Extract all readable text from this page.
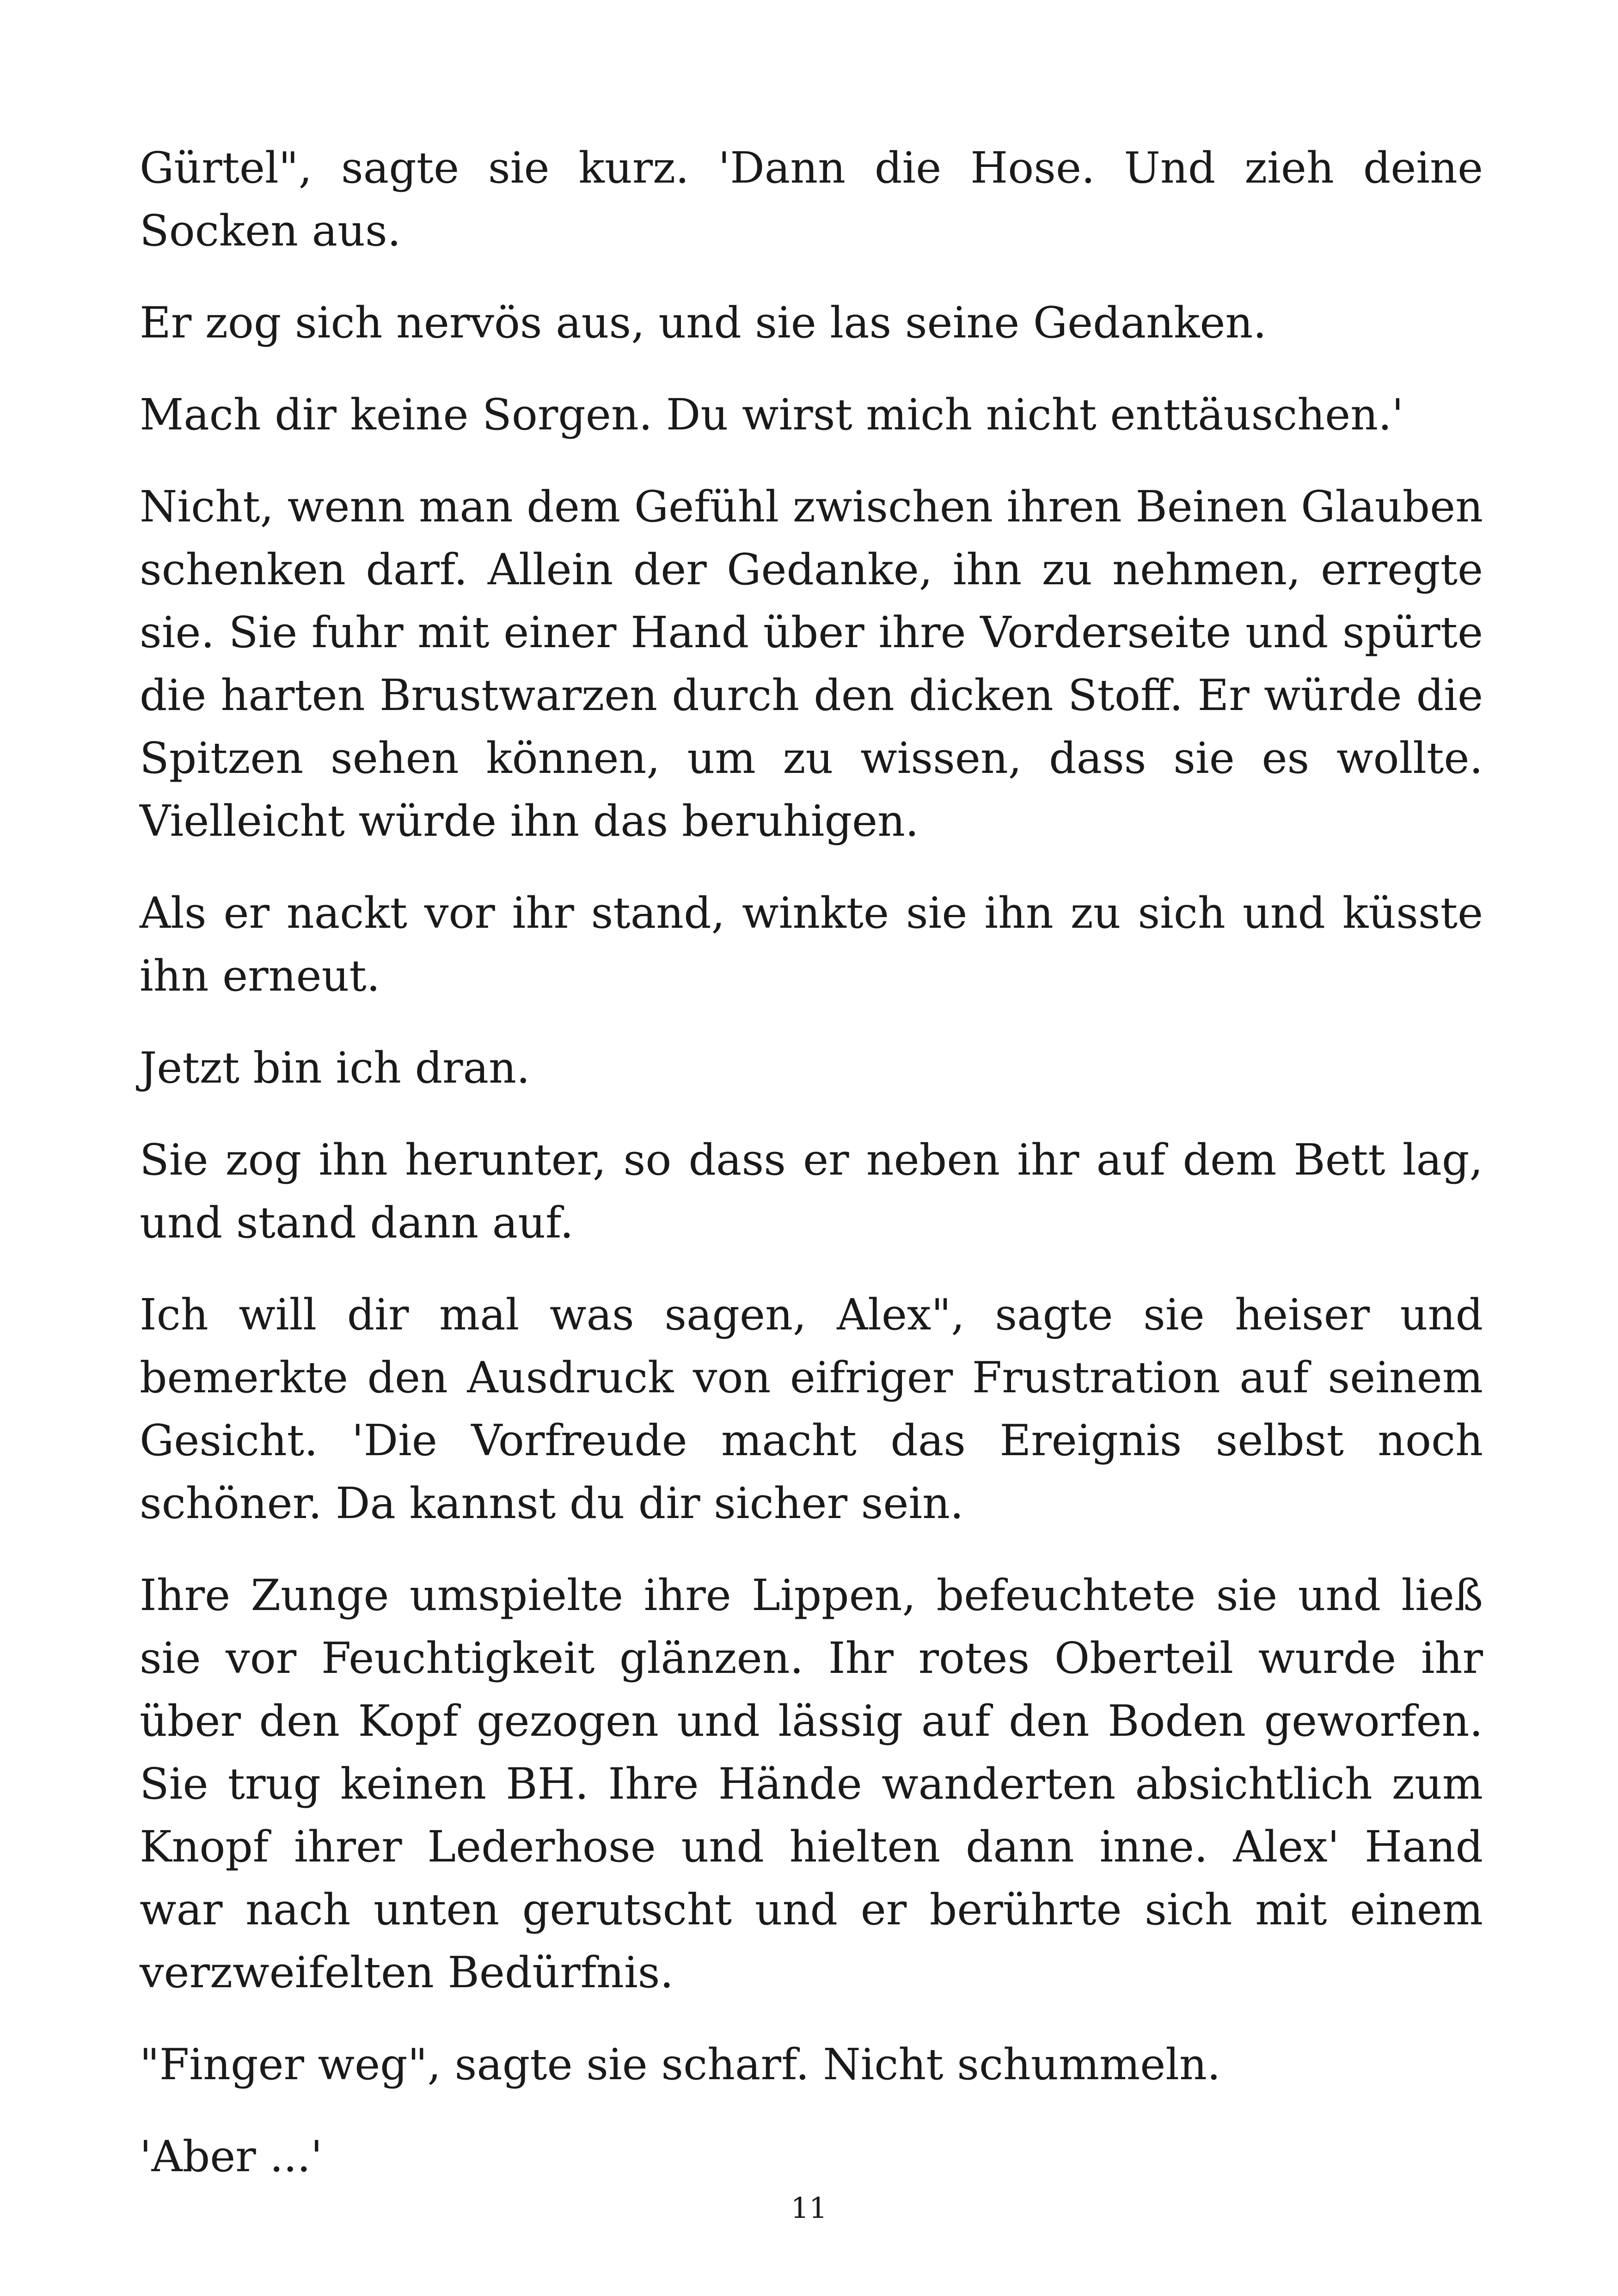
Gürtel", sagte sie kurz. 'Dann die Hose. Und zieh deine Socken aus.

Er zog sich nervös aus, und sie las seine Gedanken.

Mach dir keine Sorgen. Du wirst mich nicht enttäuschen.'

Nicht, wenn man dem Gefühl zwischen ihren Beinen Glauben schenken darf. Allein der Gedanke, ihn zu nehmen, erregte sie. Sie fuhr mit einer Hand über ihre Vorderseite und spürte die harten Brustwarzen durch den dicken Stoff. Er würde die Spitzen sehen können, um zu wissen, dass sie es wollte. Vielleicht würde ihn das beruhigen.

Als er nackt vor ihr stand, winkte sie ihn zu sich und küsste ihn erneut.

Jetzt bin ich dran.

Sie zog ihn herunter, so dass er neben ihr auf dem Bett lag, und stand dann auf.

Ich will dir mal was sagen, Alex", sagte sie heiser und bemerkte den Ausdruck von eifriger Frustration auf seinem Gesicht. 'Die Vorfreude macht das Ereignis selbst noch schöner. Da kannst du dir sicher sein.

Ihre Zunge umspielte ihre Lippen, befeuchtete sie und ließ sie vor Feuchtigkeit glänzen. Ihr rotes Oberteil wurde ihr über den Kopf gezogen und lässig auf den Boden geworfen. Sie trug keinen BH. Ihre Hände wanderten absichtlich zum Knopf ihrer Lederhose und hielten dann inne. Alex' Hand war nach unten gerutscht und er berührte sich mit einem verzweifelten Bedürfnis.

"Finger weg", sagte sie scharf. Nicht schummeln.

'Aber ...'

11
